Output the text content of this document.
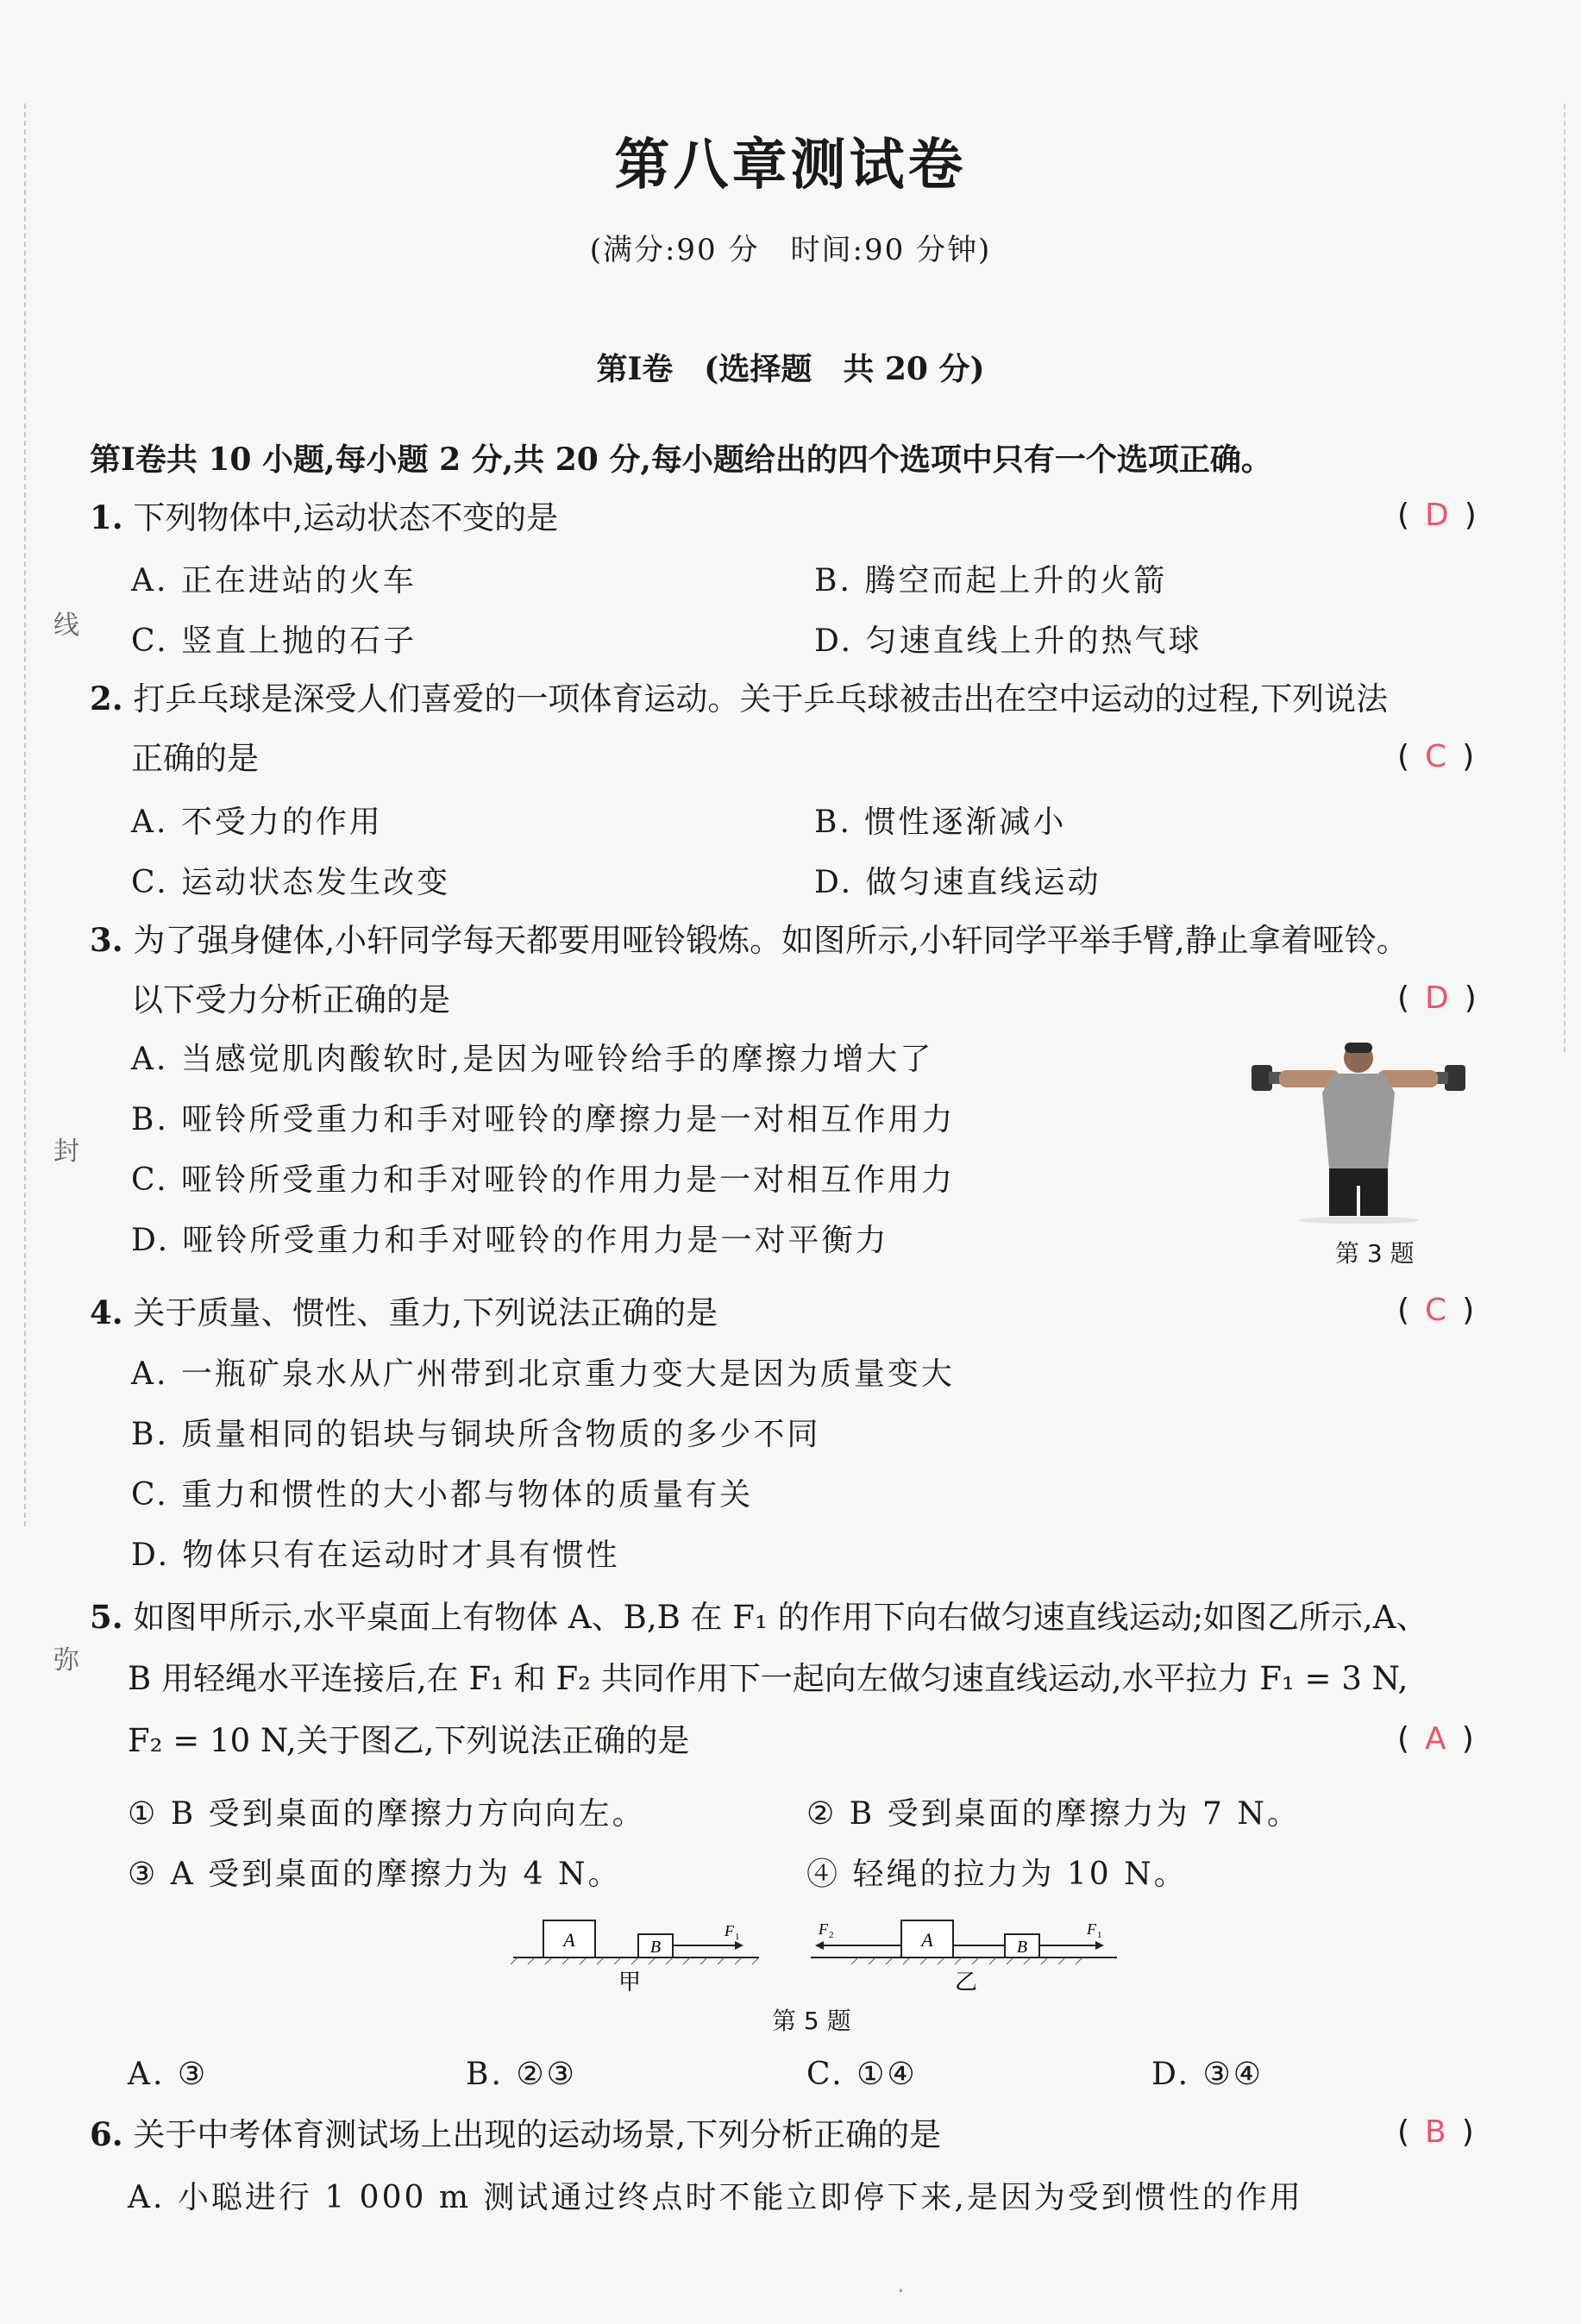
线
封
弥
第八章测试卷
(满分:90 分　时间:90 分钟)
第Ⅰ卷　(选择题　共 20 分)
第Ⅰ卷共 10 小题,每小题 2 分,共 20 分,每小题给出的四个选项中只有一个选项正确。
1. 下列物体中,运动状态不变的是	( D )
A. 正在进站的火车	B. 腾空而起上升的火箭
C. 竖直上抛的石子	D. 匀速直线上升的热气球
2. 打乒乓球是深受人们喜爱的一项体育运动。关于乒乓球被击出在空中运动的过程,下列说法
正确的是	( C )
A. 不受力的作用	B. 惯性逐渐减小
C. 运动状态发生改变	D. 做匀速直线运动
3. 为了强身健体,小轩同学每天都要用哑铃锻炼。如图所示,小轩同学平举手臂,静止拿着哑铃。
以下受力分析正确的是	( D )
A. 当感觉肌肉酸软时,是因为哑铃给手的摩擦力增大了
B. 哑铃所受重力和手对哑铃的摩擦力是一对相互作用力
C. 哑铃所受重力和手对哑铃的作用力是一对相互作用力
D. 哑铃所受重力和手对哑铃的作用力是一对平衡力	第 3 题
4. 关于质量、惯性、重力,下列说法正确的是	( C )
A. 一瓶矿泉水从广州带到北京重力变大是因为质量变大
B. 质量相同的铝块与铜块所含物质的多少不同
C. 重力和惯性的大小都与物体的质量有关
D. 物体只有在运动时才具有惯性
5. 如图甲所示,水平桌面上有物体 A、B,B 在 F₁ 的作用下向右做匀速直线运动;如图乙所示,A、
B 用轻绳水平连接后,在 F₁ 和 F₂ 共同作用下一起向左做匀速直线运动,水平拉力 F₁ = 3 N,
F₂ = 10 N,关于图乙,下列说法正确的是	( A )
① B 受到桌面的摩擦力方向向左。	② B 受到桌面的摩擦力为 7 N。
③ A 受到桌面的摩擦力为 4 N。	④ 轻绳的拉力为 10 N。
A	B
F 1
甲
F 2	A	B
F 1
乙
第 5 题
A. ③	B. ②③	C. ①④	D. ③④
6. 关于中考体育测试场上出现的运动场景,下列分析正确的是	( B )
A. 小聪进行 1 000 m 测试通过终点时不能立即停下来,是因为受到惯性的作用
·
